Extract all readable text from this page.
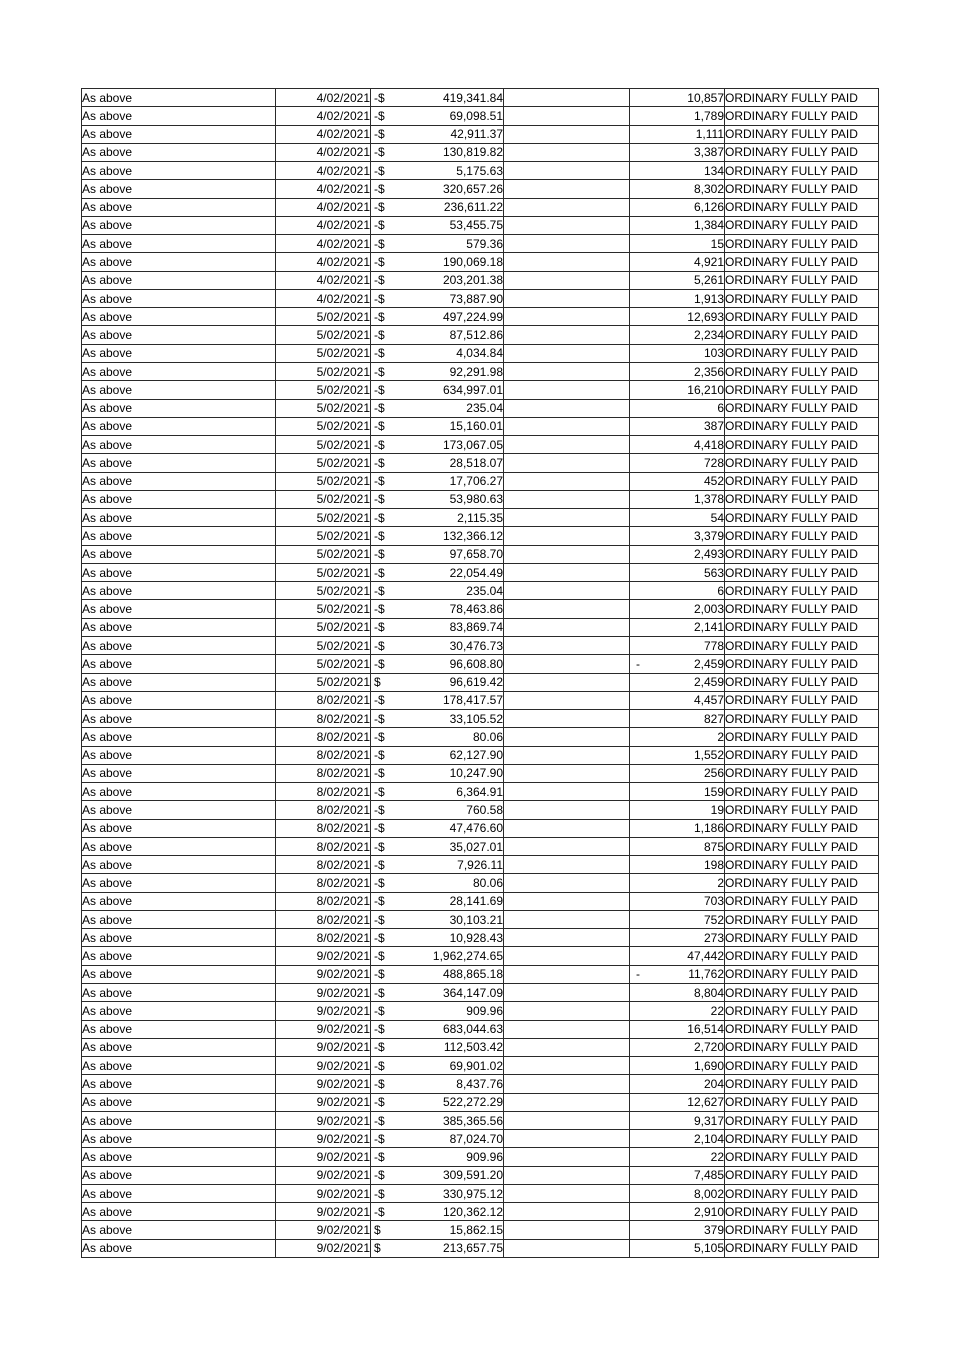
As above	4/02/2021	-$ 419,341.84		10,857	ORDINARY FULLY PAID
As above	4/02/2021	-$ 69,098.51		1,789	ORDINARY FULLY PAID
As above	4/02/2021	-$ 42,911.37		1,111	ORDINARY FULLY PAID
As above	4/02/2021	-$ 130,819.82		3,387	ORDINARY FULLY PAID
As above	4/02/2021	-$ 5,175.63		134	ORDINARY FULLY PAID
As above	4/02/2021	-$ 320,657.26		8,302	ORDINARY FULLY PAID
As above	4/02/2021	-$ 236,611.22		6,126	ORDINARY FULLY PAID
As above	4/02/2021	-$ 53,455.75		1,384	ORDINARY FULLY PAID
As above	4/02/2021	-$ 579.36		15	ORDINARY FULLY PAID
As above	4/02/2021	-$ 190,069.18		4,921	ORDINARY FULLY PAID
As above	4/02/2021	-$ 203,201.38		5,261	ORDINARY FULLY PAID
As above	4/02/2021	-$ 73,887.90		1,913	ORDINARY FULLY PAID
As above	5/02/2021	-$ 497,224.99		12,693	ORDINARY FULLY PAID
As above	5/02/2021	-$ 87,512.86		2,234	ORDINARY FULLY PAID
As above	5/02/2021	-$ 4,034.84		103	ORDINARY FULLY PAID
As above	5/02/2021	-$ 92,291.98		2,356	ORDINARY FULLY PAID
As above	5/02/2021	-$ 634,997.01		16,210	ORDINARY FULLY PAID
As above	5/02/2021	-$ 235.04		6	ORDINARY FULLY PAID
As above	5/02/2021	-$ 15,160.01		387	ORDINARY FULLY PAID
As above	5/02/2021	-$ 173,067.05		4,418	ORDINARY FULLY PAID
As above	5/02/2021	-$ 28,518.07		728	ORDINARY FULLY PAID
As above	5/02/2021	-$ 17,706.27		452	ORDINARY FULLY PAID
As above	5/02/2021	-$ 53,980.63		1,378	ORDINARY FULLY PAID
As above	5/02/2021	-$ 2,115.35		54	ORDINARY FULLY PAID
As above	5/02/2021	-$ 132,366.12		3,379	ORDINARY FULLY PAID
As above	5/02/2021	-$ 97,658.70		2,493	ORDINARY FULLY PAID
As above	5/02/2021	-$ 22,054.49		563	ORDINARY FULLY PAID
As above	5/02/2021	-$ 235.04		6	ORDINARY FULLY PAID
As above	5/02/2021	-$ 78,463.86		2,003	ORDINARY FULLY PAID
As above	5/02/2021	-$ 83,869.74		2,141	ORDINARY FULLY PAID
As above	5/02/2021	-$ 30,476.73		778	ORDINARY FULLY PAID
As above	5/02/2021	-$ 96,608.80		- 2,459	ORDINARY FULLY PAID
As above	5/02/2021	$ 96,619.42		2,459	ORDINARY FULLY PAID
As above	8/02/2021	-$ 178,417.57		4,457	ORDINARY FULLY PAID
As above	8/02/2021	-$ 33,105.52		827	ORDINARY FULLY PAID
As above	8/02/2021	-$ 80.06		2	ORDINARY FULLY PAID
As above	8/02/2021	-$ 62,127.90		1,552	ORDINARY FULLY PAID
As above	8/02/2021	-$ 10,247.90		256	ORDINARY FULLY PAID
As above	8/02/2021	-$ 6,364.91		159	ORDINARY FULLY PAID
As above	8/02/2021	-$ 760.58		19	ORDINARY FULLY PAID
As above	8/02/2021	-$ 47,476.60		1,186	ORDINARY FULLY PAID
As above	8/02/2021	-$ 35,027.01		875	ORDINARY FULLY PAID
As above	8/02/2021	-$ 7,926.11		198	ORDINARY FULLY PAID
As above	8/02/2021	-$ 80.06		2	ORDINARY FULLY PAID
As above	8/02/2021	-$ 28,141.69		703	ORDINARY FULLY PAID
As above	8/02/2021	-$ 30,103.21		752	ORDINARY FULLY PAID
As above	8/02/2021	-$ 10,928.43		273	ORDINARY FULLY PAID
As above	9/02/2021	-$ 1,962,274.65		47,442	ORDINARY FULLY PAID
As above	9/02/2021	-$ 488,865.18		- 11,762	ORDINARY FULLY PAID
As above	9/02/2021	-$ 364,147.09		8,804	ORDINARY FULLY PAID
As above	9/02/2021	-$ 909.96		22	ORDINARY FULLY PAID
As above	9/02/2021	-$ 683,044.63		16,514	ORDINARY FULLY PAID
As above	9/02/2021	-$ 112,503.42		2,720	ORDINARY FULLY PAID
As above	9/02/2021	-$ 69,901.02		1,690	ORDINARY FULLY PAID
As above	9/02/2021	-$ 8,437.76		204	ORDINARY FULLY PAID
As above	9/02/2021	-$ 522,272.29		12,627	ORDINARY FULLY PAID
As above	9/02/2021	-$ 385,365.56		9,317	ORDINARY FULLY PAID
As above	9/02/2021	-$ 87,024.70		2,104	ORDINARY FULLY PAID
As above	9/02/2021	-$ 909.96		22	ORDINARY FULLY PAID
As above	9/02/2021	-$ 309,591.20		7,485	ORDINARY FULLY PAID
As above	9/02/2021	-$ 330,975.12		8,002	ORDINARY FULLY PAID
As above	9/02/2021	-$ 120,362.12		2,910	ORDINARY FULLY PAID
As above	9/02/2021	$ 15,862.15		379	ORDINARY FULLY PAID
As above	9/02/2021	$ 213,657.75		5,105	ORDINARY FULLY PAID
